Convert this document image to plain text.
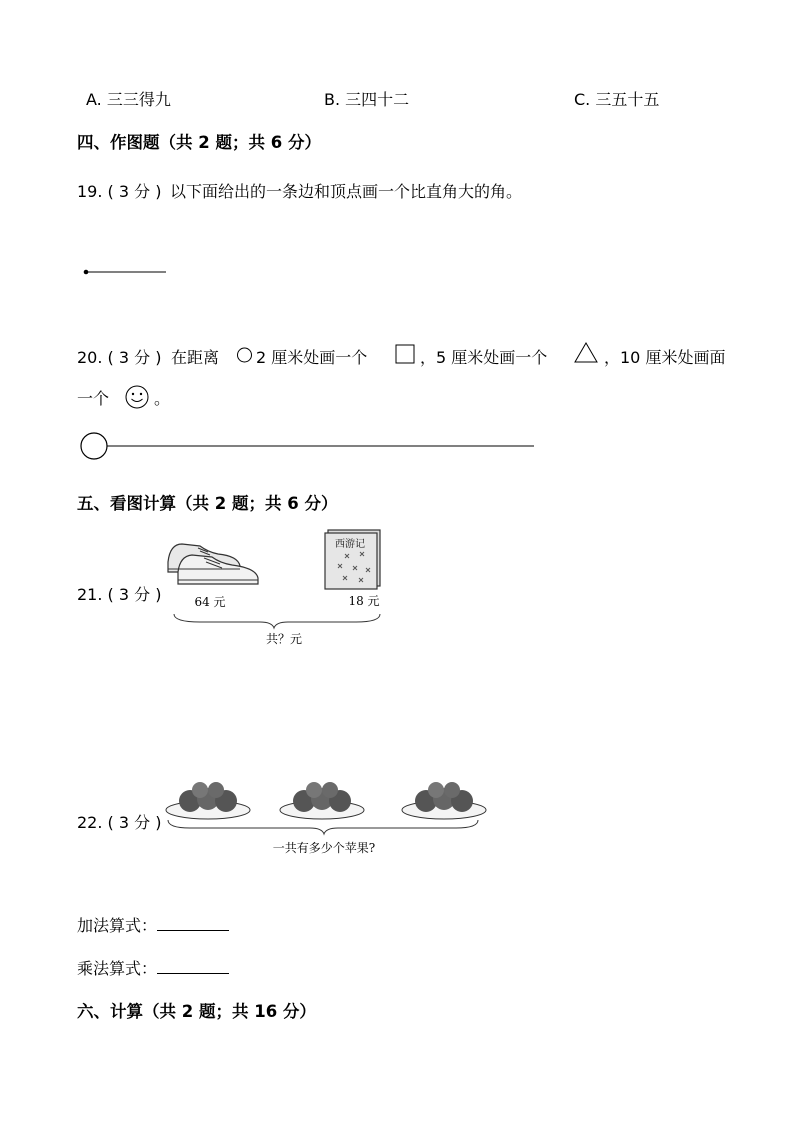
A. 三三得九	B. 三四十二	C. 三五十五
四、作图题（共 2 题；共 6 分）
19. ( 3 分 ) 以下面给出的一条边和顶点画一个比直角大的角。
20. ( 3 分 ) 在距离 2 厘米处画一个	，5 厘米处画一个	，10 厘米处画面
一个	。
五、看图计算（共 2 题；共 6 分）
21. ( 3 分 )
西游记
64 元	18 元
共？元
22. ( 3 分 )
一共有多少个苹果?
加法算式：
乘法算式：
六、计算（共 2 题；共 16 分）
